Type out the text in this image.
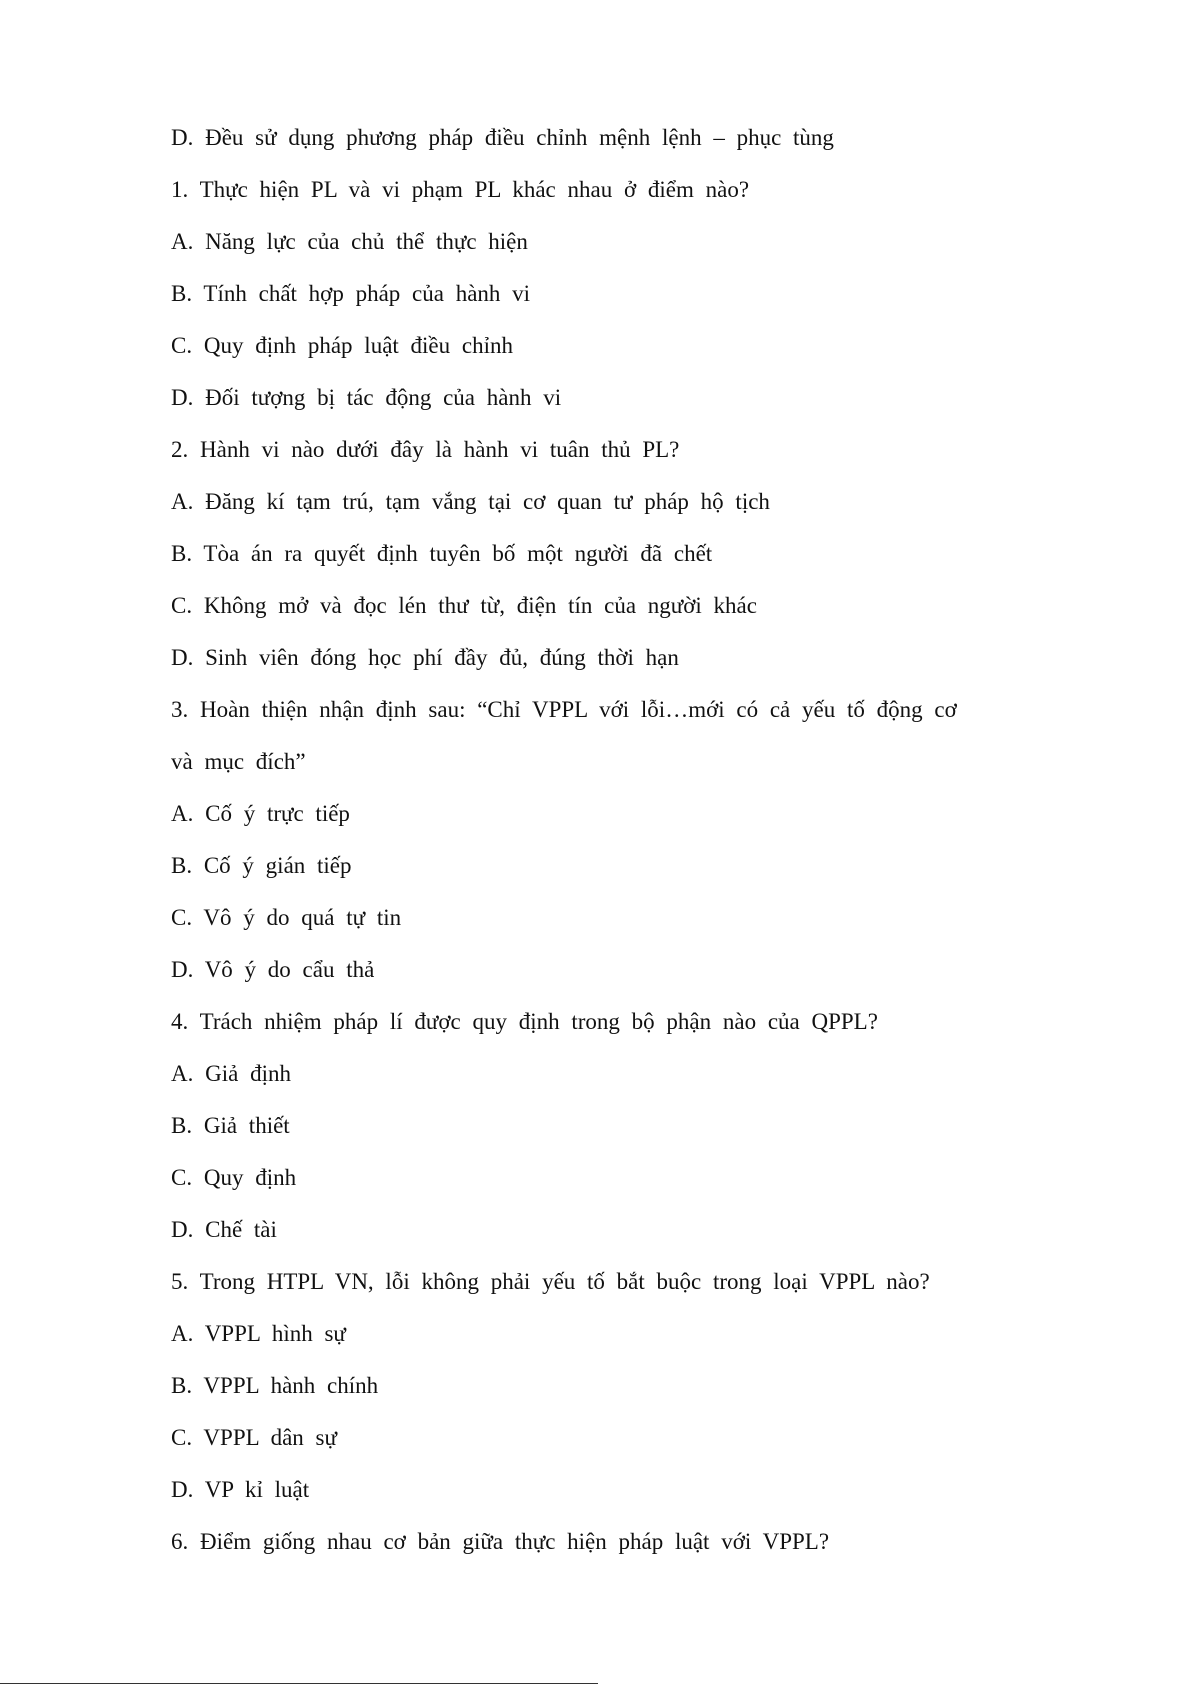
D. Đều sử dụng phương pháp điều chỉnh mệnh lệnh – phục tùng
1. Thực hiện PL và vi phạm PL khác nhau ở điểm nào?
A. Năng lực của chủ thể thực hiện
B. Tính chất hợp pháp của hành vi
C. Quy định pháp luật điều chỉnh
D. Đối tượng bị tác động của hành vi
2. Hành vi nào dưới đây là hành vi tuân thủ PL?
A. Đăng kí tạm trú, tạm vắng tại cơ quan tư pháp hộ tịch
B. Tòa án ra quyết định tuyên bố một người đã chết
C. Không mở và đọc lén thư từ, điện tín của người khác
D. Sinh viên đóng học phí đầy đủ, đúng thời hạn
3. Hoàn thiện nhận định sau: “Chỉ VPPL với lỗi…mới có cả yếu tố động cơ
và mục đích”
A. Cố ý trực tiếp
B. Cố ý gián tiếp
C. Vô ý do quá tự tin
D. Vô ý do cẩu thả
4. Trách nhiệm pháp lí được quy định trong bộ phận nào của QPPL?
A. Giả định
B. Giả thiết
C. Quy định
D. Chế tài
5. Trong HTPL VN, lỗi không phải yếu tố bắt buộc trong loại VPPL nào?
A. VPPL hình sự
B. VPPL hành chính
C. VPPL dân sự
D. VP kỉ luật
6. Điểm giống nhau cơ bản giữa thực hiện pháp luật với VPPL?
